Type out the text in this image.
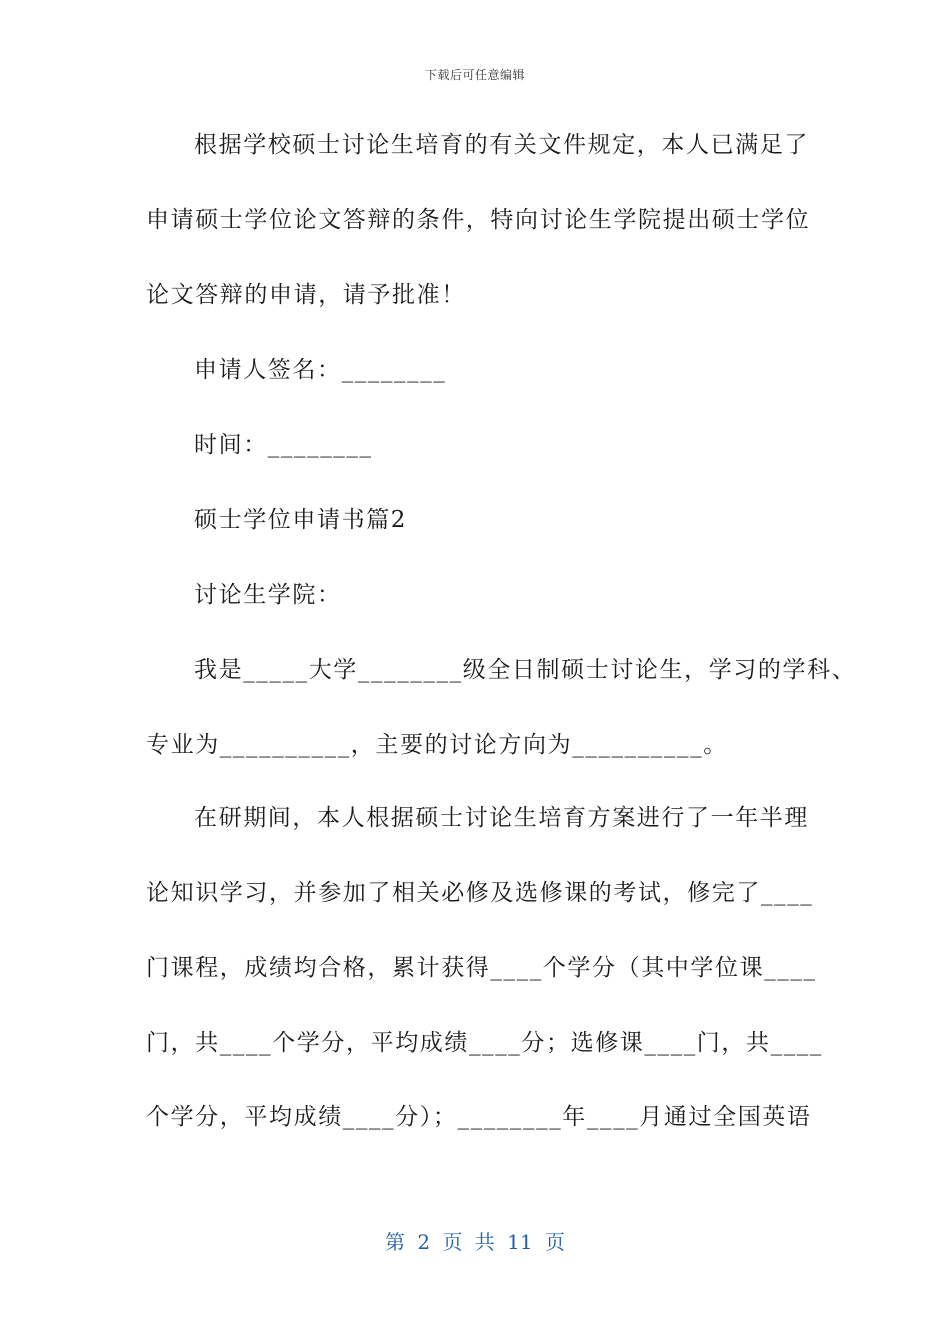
下载后可任意编辑
根据学校硕士讨论生培育的有关文件规定，本人已满足了
申请硕士学位论文答辩的条件，特向讨论生学院提出硕士学位
论文答辩的申请，请予批准！
申请人签名：________
时间：________
硕士学位申请书篇2
讨论生学院：
我是_____大学________级全日制硕士讨论生，学习的学科、
专业为__________，主要的讨论方向为__________。
在研期间，本人根据硕士讨论生培育方案进行了一年半理
论知识学习，并参加了相关必修及选修课的考试，修完了____
门课程，成绩均合格，累计获得____个学分（其中学位课____
门，共____个学分，平均成绩____分；选修课____门，共____
个学分，平均成绩____分）；________年____月通过全国英语
第 2 页 共 11 页
